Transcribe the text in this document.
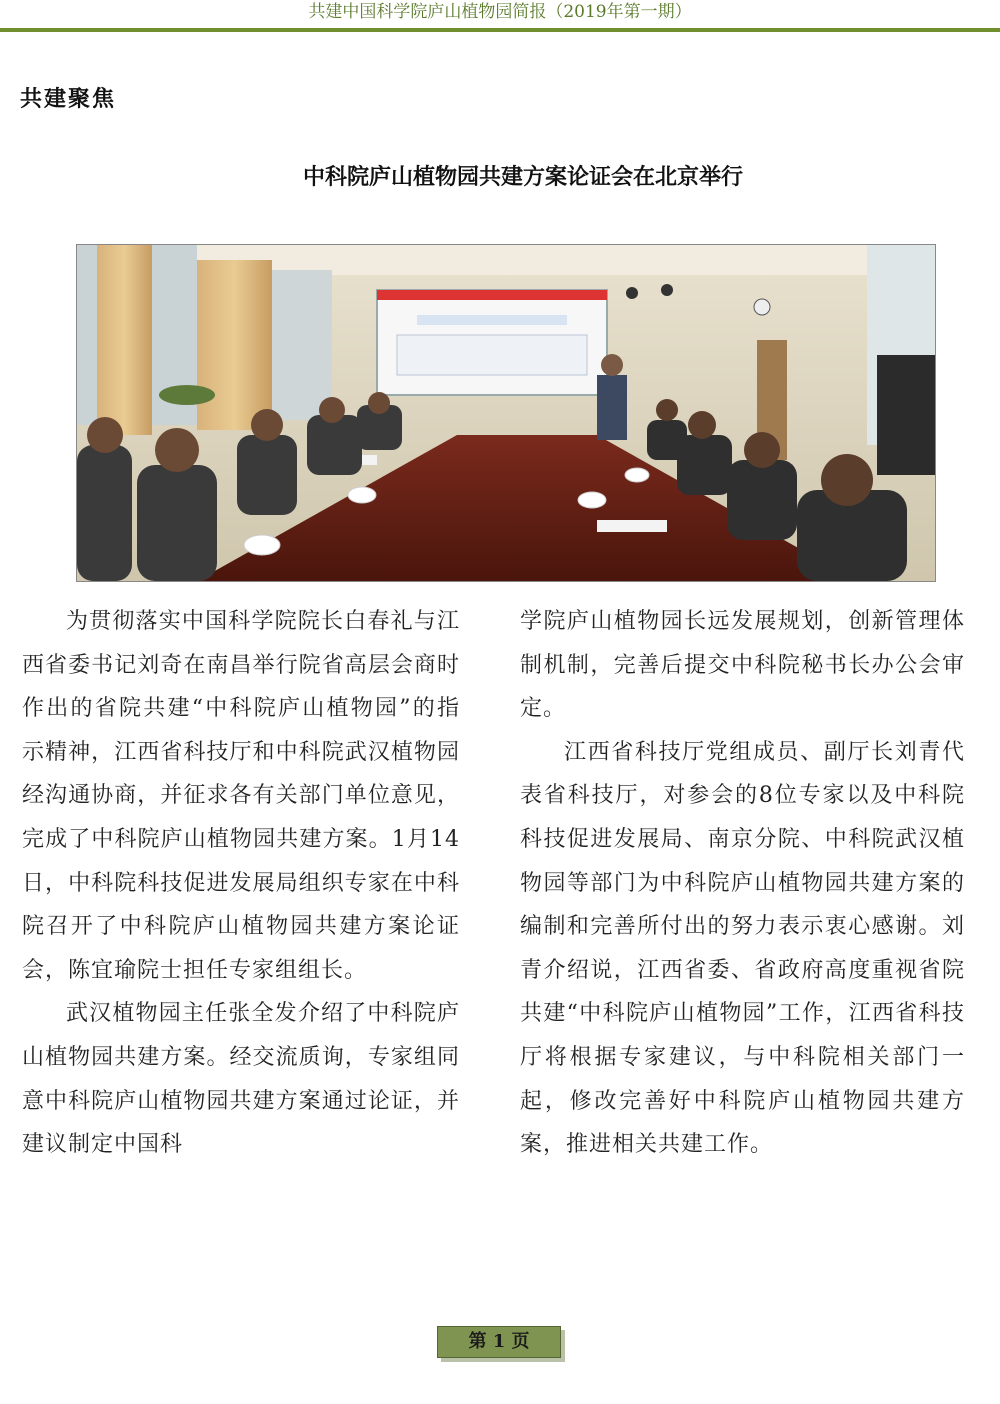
共建中国科学院庐山植物园简报（2019年第一期）
共建聚焦
中科院庐山植物园共建方案论证会在北京举行

为贯彻落实中国科学院院长白春礼与江西省委书记刘奇在南昌举行院省高层会商时作出的省院共建“中科院庐山植物园”的指示精神，江西省科技厅和中科院武汉植物园经沟通协商，并征求各有关部门单位意见，完成了中科院庐山植物园共建方案。1月14日，中科院科技促进发展局组织专家在中科院召开了中科院庐山植物园共建方案论证会，陈宜瑜院士担任专家组组长。

武汉植物园主任张全发介绍了中科院庐山植物园共建方案。经交流质询，专家组同意中科院庐山植物园共建方案通过论证，并建议制定中国科

学院庐山植物园长远发展规划，创新管理体制机制，完善后提交中科院秘书长办公会审定。

江西省科技厅党组成员、副厅长刘青代表省科技厅，对参会的8位专家以及中科院科技促进发展局、南京分院、中科院武汉植物园等部门为中科院庐山植物园共建方案的编制和完善所付出的努力表示衷心感谢。刘青介绍说，江西省委、省政府高度重视省院共建“中科院庐山植物园”工作，江西省科技厅将根据专家建议，与中科院相关部门一起，修改完善好中科院庐山植物园共建方案，推进相关共建工作。

第 1 页
